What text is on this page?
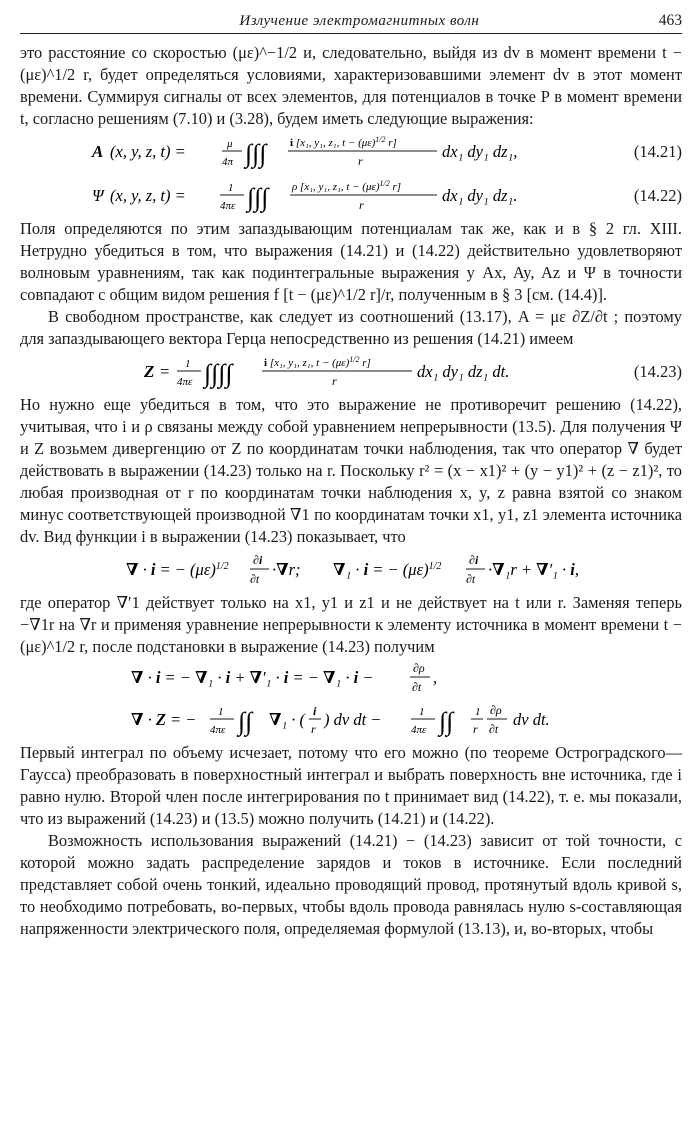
Излучение электромагнитных волн	463

это расстояние со скоростью (με)^−1/2 и, следовательно, выйдя из dv в момент времени t − (με)^1/2 r, будет определяться условиями, характеризовавшими элемент dv в этот момент времени. Суммируя сигналы от всех элементов, для потенциалов в точке P в момент времени t, согласно решениям (7.10) и (3.28), будем иметь следующие выражения:

A (x, y, z, t) =	μ
4π ∫∫∫ i [x₁, y₁, z₁, $t - (\mu\varepsilon)^{1/2}$ r]
r	dx₁ dy₁ dz₁,	(14.21)
Ψ (x, y, z, t) =	1
4πε ∫∫∫ ρ [x₁, y₁, z₁, $t - (\mu\varepsilon)^{1/2}$ r]
r	dx₁ dy₁ dz₁.	(14.22)

Поля определяются по этим запаздывающим потенциалам так же, как и в § 2 гл. XIII. Нетрудно убедиться в том, что выражения (14.21) и (14.22) действительно удовлетворяют волновым уравнениям, так как подинтегральные выражения у Ax, Ay, Az и Ψ в точности совпадают с общим видом решения f [t − (με)^1/2 r]/r, полученным в § 3 [см. (14.4)].

В свободном пространстве, как следует из соотношений (13.17), A = με ∂Z/∂t ; поэтому для запаздывающего вектора Герца непосредственно из решения (14.21) имеем

Z = 1
4πε ∫∫∫∫	i [x₁, y₁, z₁, $t - (\mu\varepsilon)^{1/2}$ r]
r	dx₁ dy₁ dz₁ dt.	(14.23)

Но нужно еще убедиться в том, что это выражение не противоречит решению (14.22), учитывая, что i и ρ связаны между собой уравнением непрерывности (13.5). Для получения Ψ и Z возьмем дивергенцию от Z по координатам точки наблюдения, так что оператор ∇ будет действовать в выражении (14.23) только на r. Поскольку r² = (x − x1)² + (y − y1)² + (z − z1)², то любая производная от r по координатам точки наблюдения x, y, z равна взятой со знаком минус соответствующей производной ∇1 по координатам точки x1, y1, z1 элемента источника dv. Вид функции i в выражении (14.23) показывает, что

∇ · i = − $(\mu\varepsilon)^{1/2}$ ∂i
∂t ·∇r; ∇₁ · i = − $(\mu\varepsilon)^{1/2}$ ∂i
∂t ·∇₁r + ∇′₁ · i,

где оператор ∇′1 действует только на x1, y1 и z1 и не действует на t или r. Заменяя теперь −∇1r на ∇r и применяя уравнение непрерывности к элементу источника в момент времени t − (με)^1/2 r, после подстановки в выражение (14.23) получим

∇ · i = − ∇₁ · i + ∇′₁ · i = − ∇₁ · i −	∂ρ
∂t ,
∇ · Z = − 1
4πε ∫∫ ∇₁ · ( i
r ) dv dt −	1
4πε ∫∫ 1
r
∂ρ
∂t dv dt.

Первый интеграл по объему исчезает, потому что его можно (по теореме Остроградского—Гаусса) преобразовать в поверхностный интеграл и выбрать поверхность вне источника, где i равно нулю. Второй член после интегрирования по t принимает вид (14.22), т. е. мы показали, что из выражений (14.23) и (13.5) можно получить (14.21) и (14.22).

Возможность использования выражений (14.21) − (14.23) зависит от той точности, с которой можно задать распределение зарядов и токов в источнике. Если последний представляет собой очень тонкий, идеально проводящий провод, протянутый вдоль кривой s, то необходимо потребовать, во-первых, чтобы вдоль провода равнялась нулю s-составляющая напряженности электрического поля, определяемая формулой (13.13), и, во-вторых, чтобы
